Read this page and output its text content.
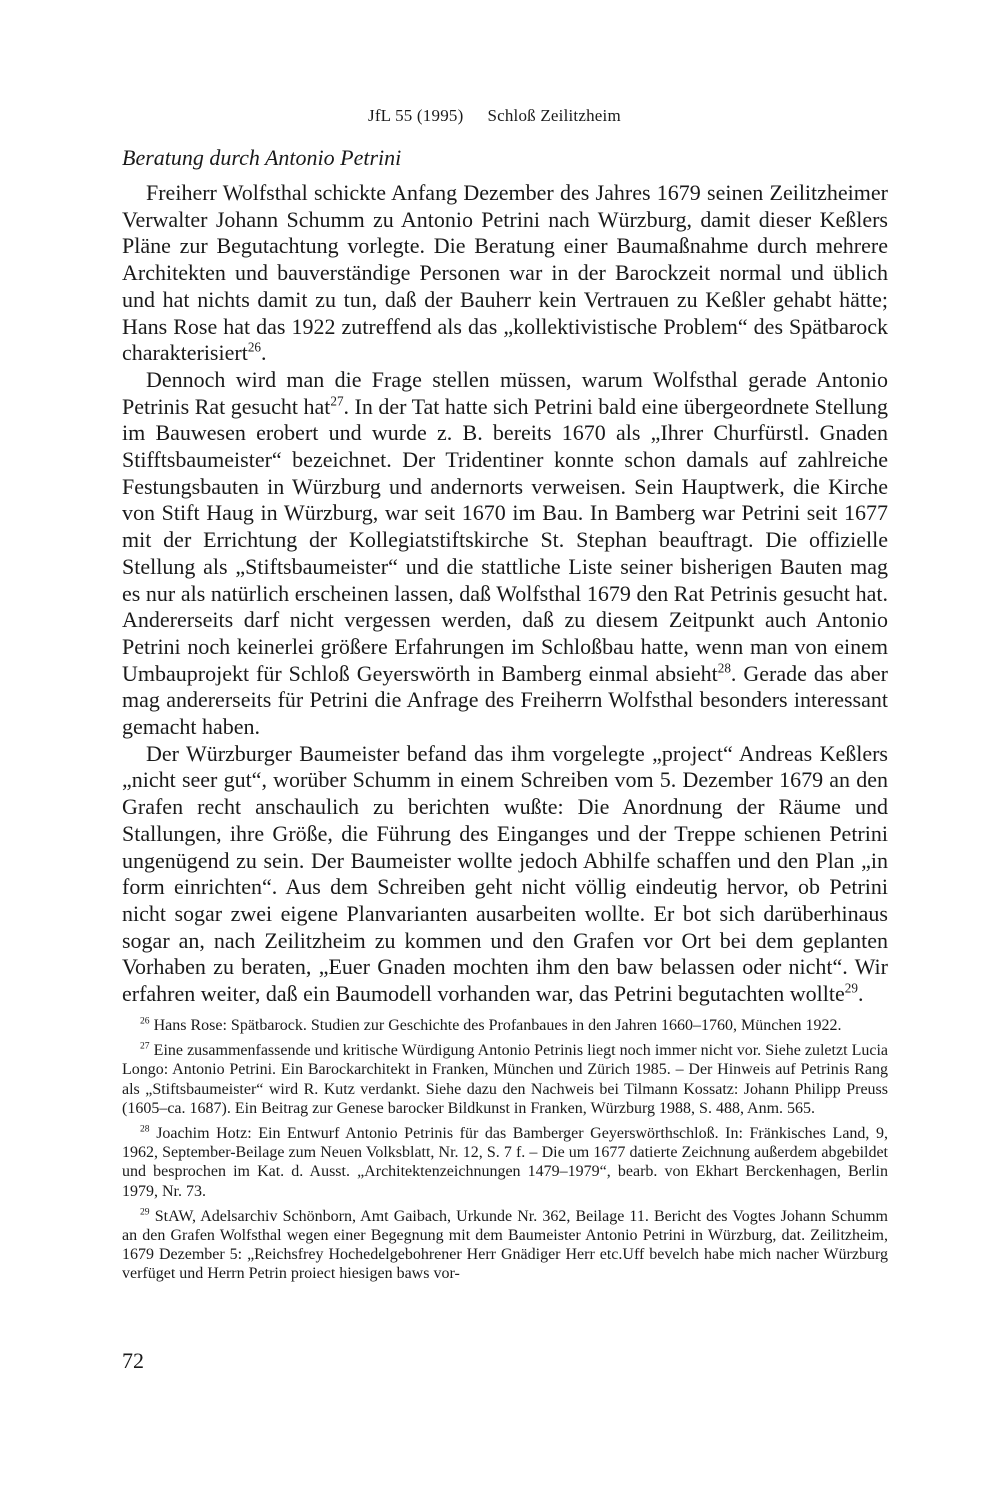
JfL 55 (1995) Schloß Zeilitzheim
Beratung durch Antonio Petrini

Freiherr Wolfsthal schickte Anfang Dezember des Jahres 1679 seinen Zeilitzheimer Verwalter Johann Schumm zu Antonio Petrini nach Würzburg, damit dieser Keßlers Pläne zur Begutachtung vorlegte. Die Beratung einer Baumaßnahme durch mehrere Architekten und bauverständige Personen war in der Barockzeit normal und üblich und hat nichts damit zu tun, daß der Bauherr kein Vertrauen zu Keßler gehabt hätte; Hans Rose hat das 1922 zutreffend als das „kollektivistische Problem“ des Spätbarock charakterisiert$^{26}$.

Dennoch wird man die Frage stellen müssen, warum Wolfsthal gerade Antonio Petrinis Rat gesucht hat$^{27}$. In der Tat hatte sich Petrini bald eine übergeordnete Stellung im Bauwesen erobert und wurde z. B. bereits 1670 als „Ihrer Churfürstl. Gnaden Stifftsbaumeister“ bezeichnet. Der Tridentiner konnte schon damals auf zahlreiche Festungsbauten in Würzburg und andernorts verweisen. Sein Hauptwerk, die Kirche von Stift Haug in Würzburg, war seit 1670 im Bau. In Bamberg war Petrini seit 1677 mit der Errichtung der Kollegiatstiftskirche St. Stephan beauftragt. Die offizielle Stellung als „Stiftsbaumeister“ und die stattliche Liste seiner bisherigen Bauten mag es nur als natürlich erscheinen lassen, daß Wolfsthal 1679 den Rat Petrinis gesucht hat. Andererseits darf nicht vergessen werden, daß zu diesem Zeitpunkt auch Antonio Petrini noch keinerlei größere Erfahrungen im Schloßbau hatte, wenn man von einem Umbauprojekt für Schloß Geyerswörth in Bamberg einmal absieht$^{28}$. Gerade das aber mag andererseits für Petrini die Anfrage des Freiherrn Wolfsthal besonders interessant gemacht haben.

Der Würzburger Baumeister befand das ihm vorgelegte „project“ Andreas Keßlers „nicht seer gut“, worüber Schumm in einem Schreiben vom 5. Dezember 1679 an den Grafen recht anschaulich zu berichten wußte: Die Anordnung der Räume und Stallungen, ihre Größe, die Führung des Einganges und der Treppe schienen Petrini ungenügend zu sein. Der Baumeister wollte jedoch Abhilfe schaffen und den Plan „in form einrichten“. Aus dem Schreiben geht nicht völlig eindeutig hervor, ob Petrini nicht sogar zwei eigene Planvarianten ausarbeiten wollte. Er bot sich darüberhinaus sogar an, nach Zeilitzheim zu kommen und den Grafen vor Ort bei dem geplanten Vorhaben zu beraten, „Euer Gnaden mochten ihm den baw belassen oder nicht“. Wir erfahren weiter, daß ein Baumodell vorhanden war, das Petrini begutachten wollte$^{29}$.

$^{26}$ Hans Rose: Spätbarock. Studien zur Geschichte des Profanbaues in den Jahren 1660–1760, München 1922.

$^{27}$ Eine zusammenfassende und kritische Würdigung Antonio Petrinis liegt noch immer nicht vor. Siehe zuletzt Lucia Longo: Antonio Petrini. Ein Barockarchitekt in Franken, München und Zürich 1985. – Der Hinweis auf Petrinis Rang als „Stiftsbaumeister“ wird R. Kutz verdankt. Siehe dazu den Nachweis bei Tilmann Kossatz: Johann Philipp Preuss (1605–ca. 1687). Ein Beitrag zur Genese barocker Bildkunst in Franken, Würzburg 1988, S. 488, Anm. 565.

$^{28}$ Joachim Hotz: Ein Entwurf Antonio Petrinis für das Bamberger Geyerswörthschloß. In: Fränkisches Land, 9, 1962, September-Beilage zum Neuen Volksblatt, Nr. 12, S. 7 f. – Die um 1677 datierte Zeichnung außerdem abgebildet und besprochen im Kat. d. Ausst. „Architektenzeichnungen 1479–1979“, bearb. von Ekhart Berckenhagen, Berlin 1979, Nr. 73.

$^{29}$ StAW, Adelsarchiv Schönborn, Amt Gaibach, Urkunde Nr. 362, Beilage 11. Bericht des Vogtes Johann Schumm an den Grafen Wolfsthal wegen einer Begegnung mit dem Baumeister Antonio Petrini in Würzburg, dat. Zeilitzheim, 1679 Dezember 5: „Reichsfrey Hochedelgebohrener Herr Gnädiger Herr etc.Uff bevelch habe mich nacher Würzburg verfüget und Herrn Petrin proiect hiesigen baws vor-

72
